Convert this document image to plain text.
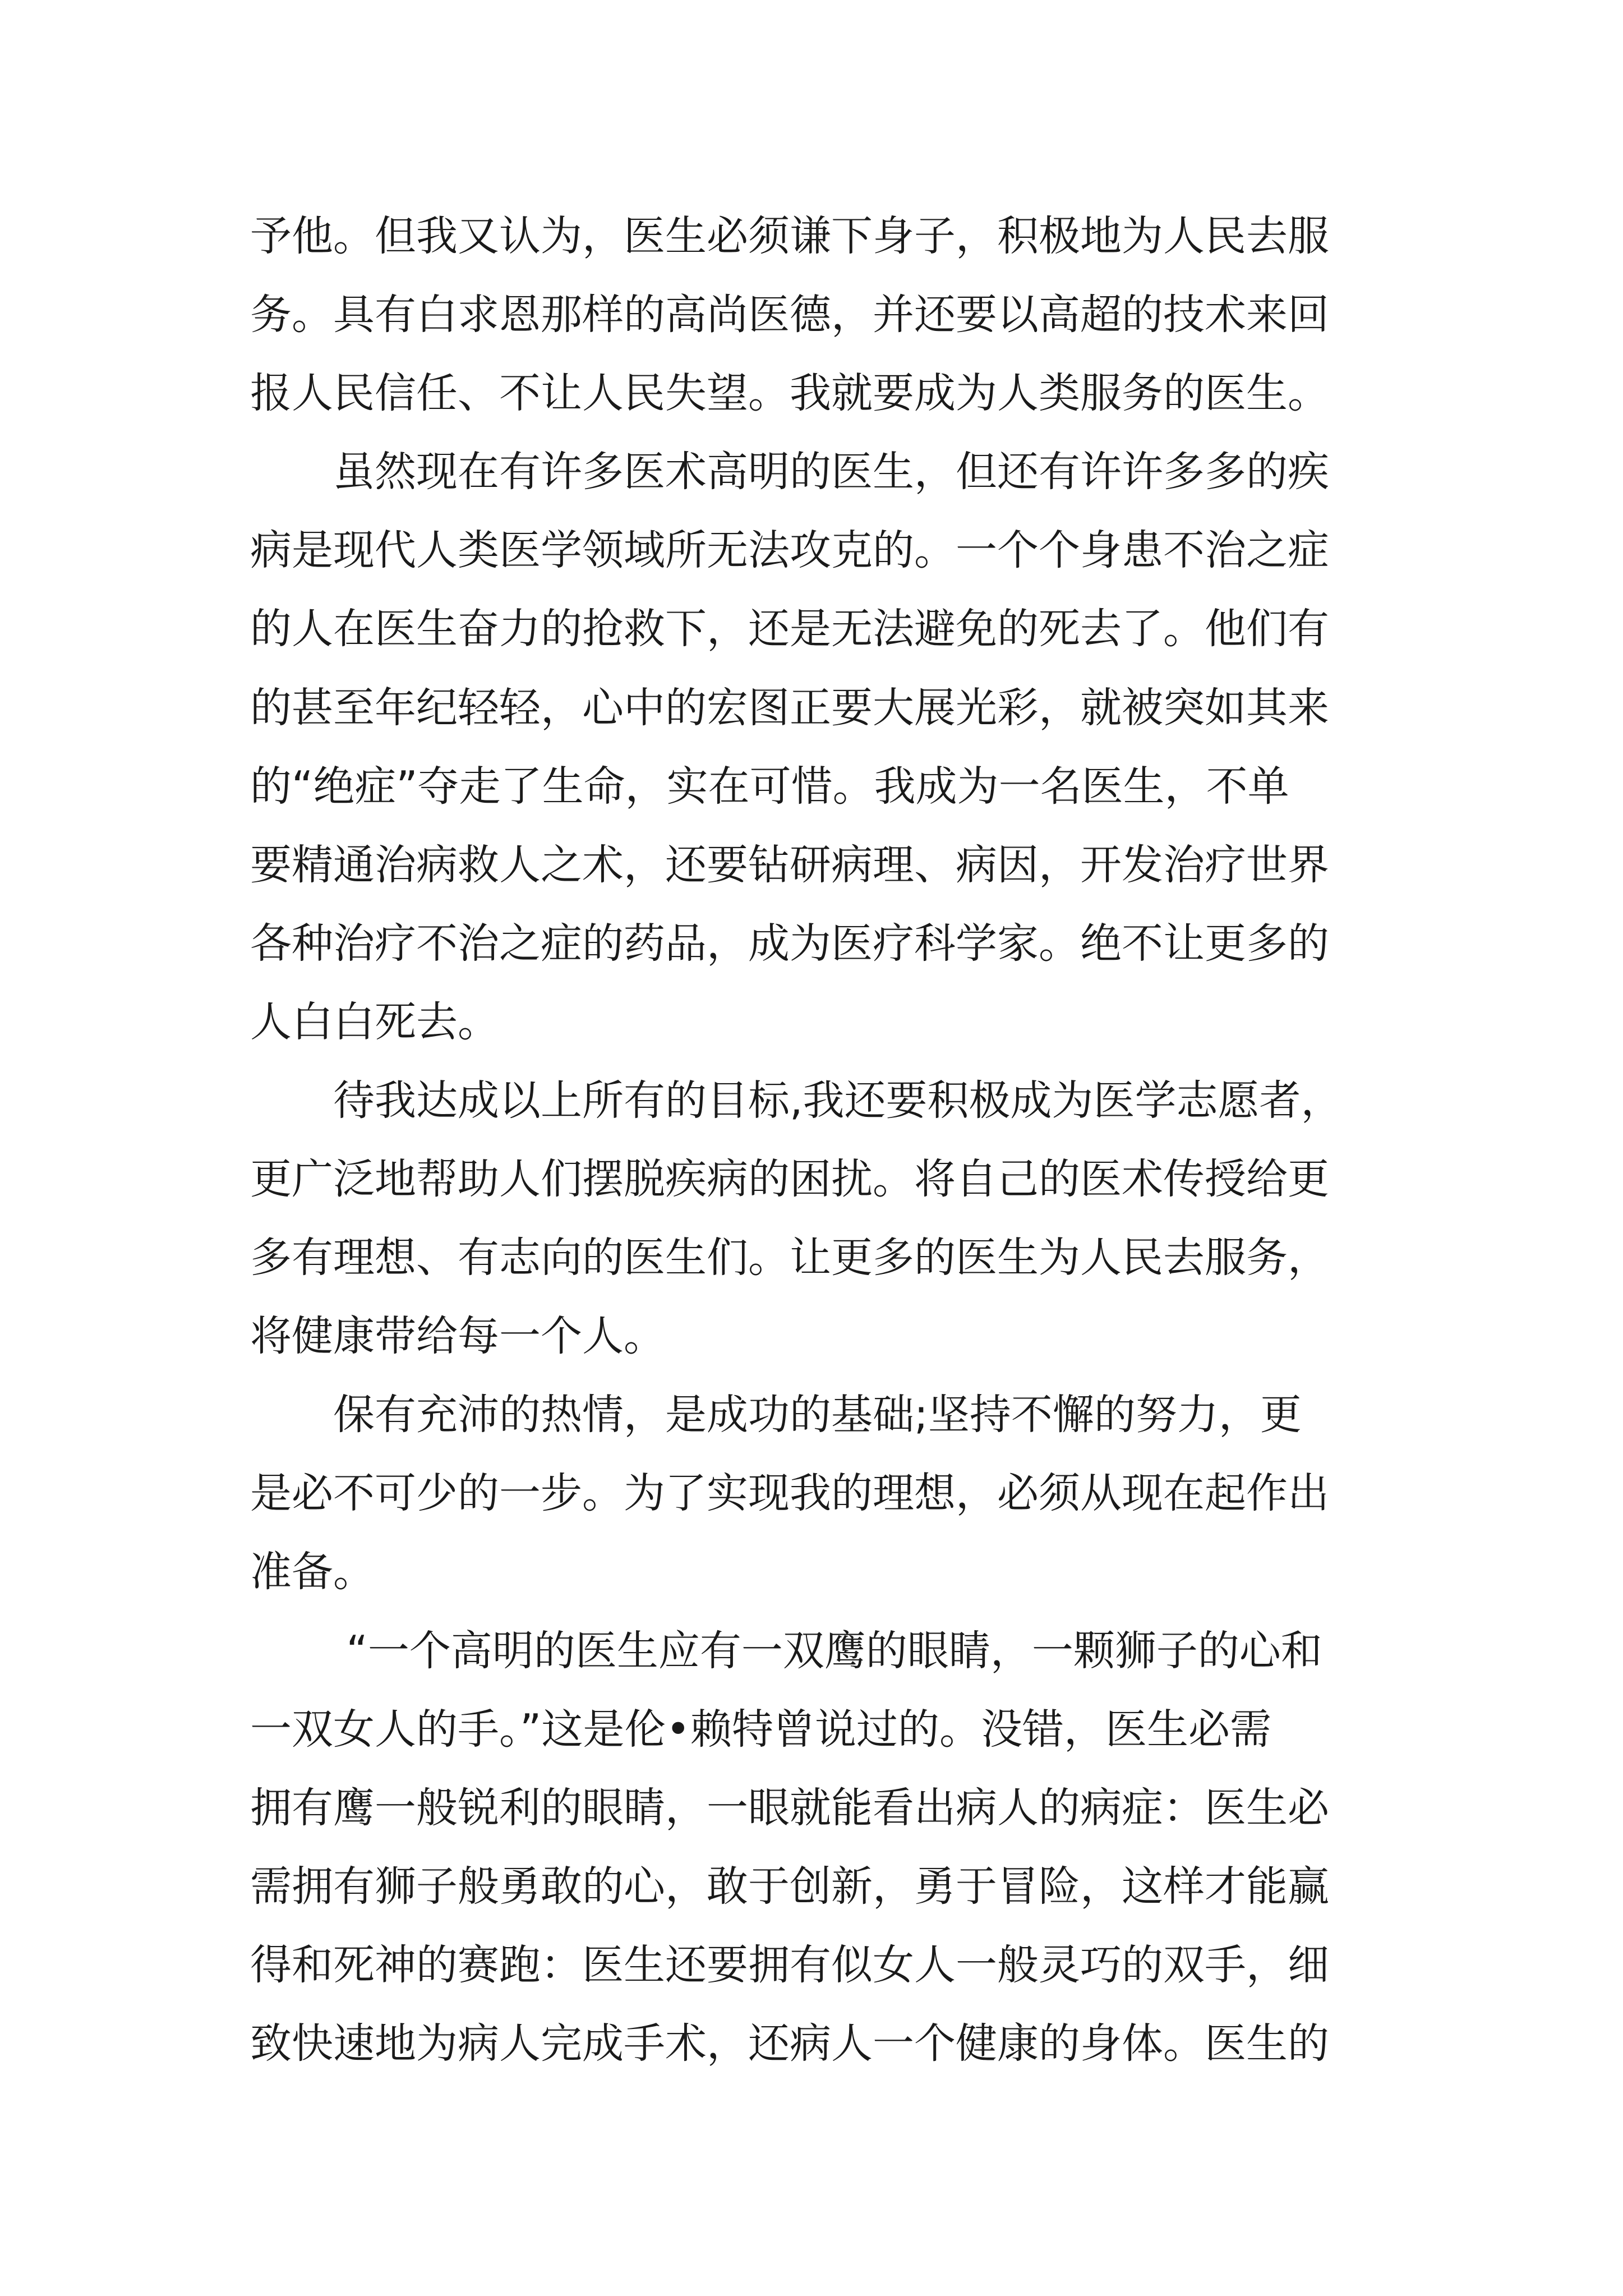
予他。但我又认为，医生必须谦下身子，积极地为人民去服
务。具有白求恩那样的高尚医德，并还要以高超的技术来回
报人民信任、不让人民失望。我就要成为人类服务的医生。
　　虽然现在有许多医术高明的医生，但还有许许多多的疾
病是现代人类医学领域所无法攻克的。一个个身患不治之症
的人在医生奋力的抢救下，还是无法避免的死去了。他们有
的甚至年纪轻轻，心中的宏图正要大展光彩，就被突如其来
的“绝症”夺走了生命，实在可惜。我成为一名医生，不单
要精通治病救人之术，还要钻研病理、病因，开发治疗世界
各种治疗不治之症的药品，成为医疗科学家。绝不让更多的
人白白死去。
　　待我达成以上所有的目标,我还要积极成为医学志愿者，
更广泛地帮助人们摆脱疾病的困扰。将自己的医术传授给更
多有理想、有志向的医生们。让更多的医生为人民去服务，
将健康带给每一个人。
　　保有充沛的热情，是成功的基础;坚持不懈的努力，更
是必不可少的一步。为了实现我的理想，必须从现在起作出
准备。
　　 “一个高明的医生应有一双鹰的眼睛，一颗狮子的心和
一双女人的手。”这是伦•赖特曾说过的。没错，医生必需
拥有鹰一般锐利的眼睛，一眼就能看出病人的病症：医生必
需拥有狮子般勇敢的心，敢于创新，勇于冒险，这样才能赢
得和死神的赛跑：医生还要拥有似女人一般灵巧的双手，细
致快速地为病人完成手术，还病人一个健康的身体。医生的
